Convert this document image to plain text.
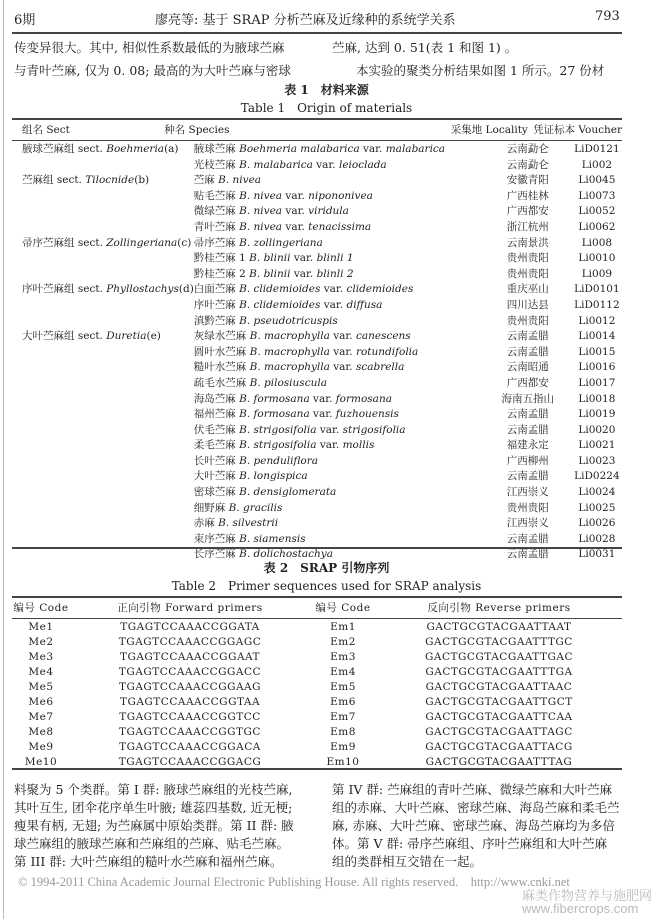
6期	廖亮等: 基于 SRAP 分析苎麻及近缘种的系统学关系	793
传变异很大。其中, 相似性系数最低的为腋球苎麻
与青叶苎麻, 仅为 0. 08; 最高的为大叶苎麻与密球
苎麻, 达到 0. 51(表 1 和图 1) 。
本实验的聚类分析结果如图 1 所示。27 份材
表 1　材料来源
Table 1　Origin of materials
组名 Sect	种名 Species	采集地 Locality	凭证标本 Voucher
腋球苎麻组 sect. Boehmeria(a)	腋球苎麻 Boehmeria malabarica var. malabarica	云南勐仑	LiD0121
	光枝苎麻 B. malabarica var. leioclada	云南勐仑	Li002
苎麻组 sect. Tilocnide(b)	苎麻 B. nivea	安徽青阳	Li0045
	贴毛苎麻 B. nivea var. nipononivea	广西桂林	Li0073
	微绿苎麻 B. nivea var. viridula	广西都安	Li0052
	青叶苎麻 B. nivea var. tenacissima	浙江杭州	Li0062
帚序苎麻组 sect. Zollingeriana(c)	帚序苎麻 B. zollingeriana	云南景洪	Li008
	黔桂苎麻 1 B. blinii var. blinli 1	贵州贵阳	Li0010
	黔桂苎麻 2 B. blinii var. blinli 2	贵州贵阳	Li009
序叶苎麻组 sect. Phyllostachys(d)	白面苎麻 B. clidemioides var. clidemioides	重庆巫山	LiD0101
	序叶苎麻 B. clidemioides var. diffusa	四川达县	LiD0112
	滇黔苎麻 B. pseudotricuspis	贵州贵阳	Li0012
大叶苎麻组 sect. Duretia(e)	灰绿水苎麻 B. macrophylla var. canescens	云南孟腊	Li0014
	圆叶水苎麻 B. macrophylla var. rotundifolia	云南孟腊	Li0015
	糙叶水苎麻 B. macrophylla var. scabrella	云南昭通	Li0016
	疏毛水苎麻 B. pilosiuscula	广西都安	Li0017
	海岛苎麻 B. formosana var. formosana	海南五指山	Li0018
	福州苎麻 B. formosana var. fuzhouensis	云南孟腊	Li0019
	伏毛苎麻 B. strigosifolia var. strigosifolia	云南孟腊	Li0020
	柔毛苎麻 B. strigosifolia var. mollis	福建永定	Li0021
	长叶苎麻 B. penduliflora	广西柳州	Li0023
	大叶苎麻 B. longispica	云南孟腊	LiD0224
	密球苎麻 B. densiglomerata	江西崇义	Li0024
	细野麻 B. gracilis	贵州贵阳	Li0025
	赤麻 B. silvestrii	江西崇义	Li0026
	束序苎麻 B. siamensis	云南孟腊	Li0028
	长序苎麻 B. dolichostachya	云南孟腊	Li0031
表 2　SRAP 引物序列
Table 2　Primer sequences used for SRAP analysis
编号 Code	正向引物 Forward primers	编号 Code	反向引物 Reverse primers
Me1	TGAGTCCAAACCGGATA	Em1	GACTGCGTACGAATTAAT
Me2	TGAGTCCAAACCGGAGC	Em2	GACTGCGTACGAATTTGC
Me3	TGAGTCCAAACCGGAAT	Em3	GACTGCGTACGAATTGAC
Me4	TGAGTCCAAACCGGACC	Em4	GACTGCGTACGAATTTGA
Me5	TGAGTCCAAACCGGAAG	Em5	GACTGCGTACGAATTAAC
Me6	TGAGTCCAAACCGGTAA	Em6	GACTGCGTACGAATTGCT
Me7	TGAGTCCAAACCGGTCC	Em7	GACTGCGTACGAATTCAA
Me8	TGAGTCCAAACCGGTGC	Em8	GACTGCGTACGAATTAGC
Me9	TGAGTCCAAACCGGACA	Em9	GACTGCGTACGAATTACG
Me10	TGAGTCCAAACCGGACG	Em10	GACTGCGTACGAATTTAG
料聚为 5 个类群。第 I 群: 腋球苎麻组的光枝苎麻,
其叶互生, 团伞花序单生叶腋; 雄蕊四基数, 近无梗;
瘦果有柄, 无翅; 为苎麻属中原始类群。第 II 群: 腋
球苎麻组的腋球苎麻和苎麻组的苎麻、贴毛苎麻。
第 III 群: 大叶苎麻组的糙叶水苎麻和福州苎麻。
第 IV 群: 苎麻组的青叶苎麻、微绿苎麻和大叶苎麻
组的赤麻、大叶苎麻、密球苎麻、海岛苎麻和柔毛苎
麻, 赤麻、大叶苎麻、密球苎麻、海岛苎麻均为多倍
体。第 V 群: 帚序苎麻组、序叶苎麻组和大叶苎麻
组的类群相互交错在一起。
© 1994-2011 China Academic Journal Electronic Publishing House. All rights reserved.　http://www.cnki.net
麻类作物营养与施肥网
www.fibercrops.com
